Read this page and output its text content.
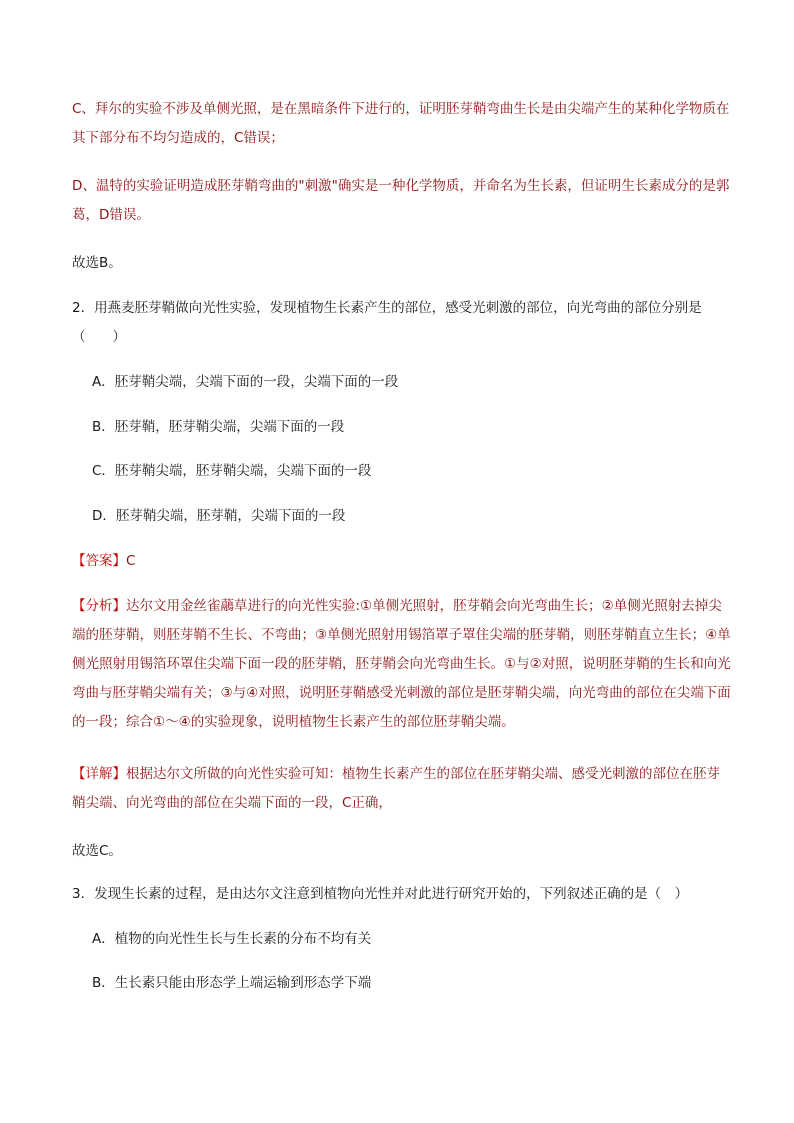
C、拜尔的实验不涉及单侧光照，是在黑暗条件下进行的，证明胚芽鞘弯曲生长是由尖端产生的某种化学物质在其下部分布不均匀造成的，C错误；

D、温特的实验证明造成胚芽鞘弯曲的"刺激"确实是一种化学物质，并命名为生长素，但证明生长素成分的是郭葛，D错误。

故选B。

2．用燕麦胚芽鞘做向光性实验，发现植物生长素产生的部位，感受光刺激的部位，向光弯曲的部位分别是（　　）

A．胚芽鞘尖端，尖端下面的一段，尖端下面的一段

B．胚芽鞘，胚芽鞘尖端，尖端下面的一段

C．胚芽鞘尖端，胚芽鞘尖端，尖端下面的一段

D．胚芽鞘尖端，胚芽鞘，尖端下面的一段

【答案】C

【分析】达尔文用金丝雀虉草进行的向光性实验:①单侧光照射，胚芽鞘会向光弯曲生长；②单侧光照射去掉尖端的胚芽鞘，则胚芽鞘不生长、不弯曲；③单侧光照射用锡箔罩子罩住尖端的胚芽鞘，则胚芽鞘直立生长；④单侧光照射用锡箔环罩住尖端下面一段的胚芽鞘，胚芽鞘会向光弯曲生长。①与②对照，说明胚芽鞘的生长和向光弯曲与胚芽鞘尖端有关；③与④对照，说明胚芽鞘感受光刺激的部位是胚芽鞘尖端，向光弯曲的部位在尖端下面的一段；综合①～④的实验现象，说明植物生长素产生的部位胚芽鞘尖端。

【详解】根据达尔文所做的向光性实验可知：植物生长素产生的部位在胚芽鞘尖端、感受光刺激的部位在胚芽鞘尖端、向光弯曲的部位在尖端下面的一段，C正确，

故选C。

3．发现生长素的过程，是由达尔文注意到植物向光性并对此进行研究开始的，下列叙述正确的是（　）

A．植物的向光性生长与生长素的分布不均有关

B．生长素只能由形态学上端运输到形态学下端
